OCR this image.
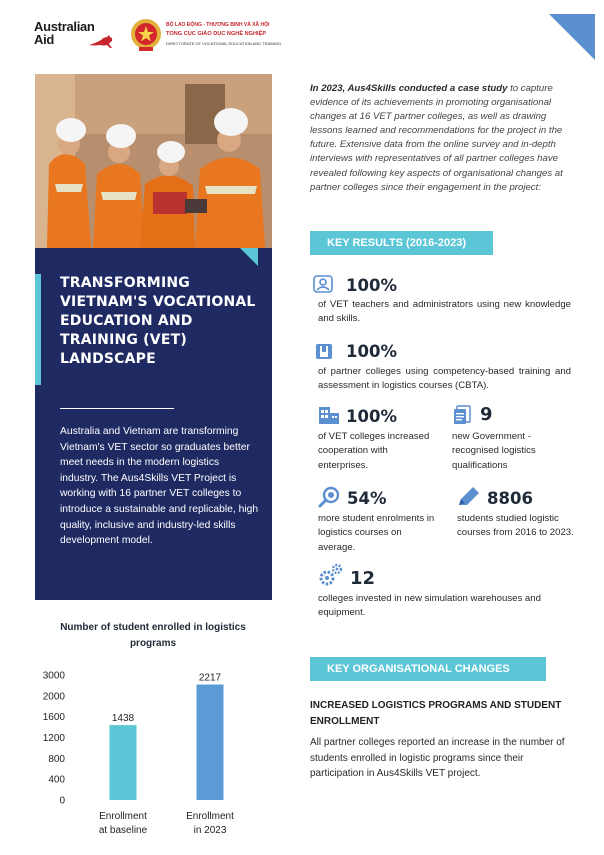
Australian
Aid
BỘ LAO ĐỘNG - THƯƠNG BINH VÀ XÃ HỘI
TỔNG CỤC GIÁO DỤC NGHỀ NGHIỆP
DIRECTORATE OF VOCATIONAL EDUCATION AND TRAINING
TRANSFORMING VIETNAM'S VOCATIONAL EDUCATION AND TRAINING (VET) LANDSCAPE
Australia and Vietnam are transforming Vietnam's VET sector so graduates better meet needs in the modern logistics industry. The Aus4Skills VET Project is working with 16 partner VET colleges to introduce a sustainable and replicable, high quality, inclusive and industry-led skills development model.
Number of student enrolled in logistics programs
0
400
800
1200
1600
2000
3000
1438
2217
Enrollment
at baseline
Enrollment
in 2023
In 2023, Aus4Skills conducted a case study to capture evidence of its achievements in promoting organisational changes at 16 VET partner colleges, as well as drawing lessons learned and recommendations for the project in the future. Extensive data from the online survey and in-depth interviews with representatives of all partner colleges have revealed following key aspects of organisational changes at partner colleges since their engagement in the project:
KEY RESULTS (2016-2023)
100%
of VET teachers and administrators using new knowledge and skills.
100%
of partner colleges using competency-based training and assessment in logistics courses (CBTA).
100%
of VET colleges increased cooperation with enterprises.
9
new Government -recognised logistics qualifications
54%
more student enrolments in logistics courses on average.
8806
students studied logistic courses from 2016 to 2023.
12
colleges invested in new simulation warehouses and equipment.
KEY ORGANISATIONAL CHANGES
INCREASED LOGISTICS PROGRAMS AND STUDENT ENROLLMENT
All partner colleges reported an increase in the number of students enrolled in logistic programs since their participation in Aus4Skills VET project.
